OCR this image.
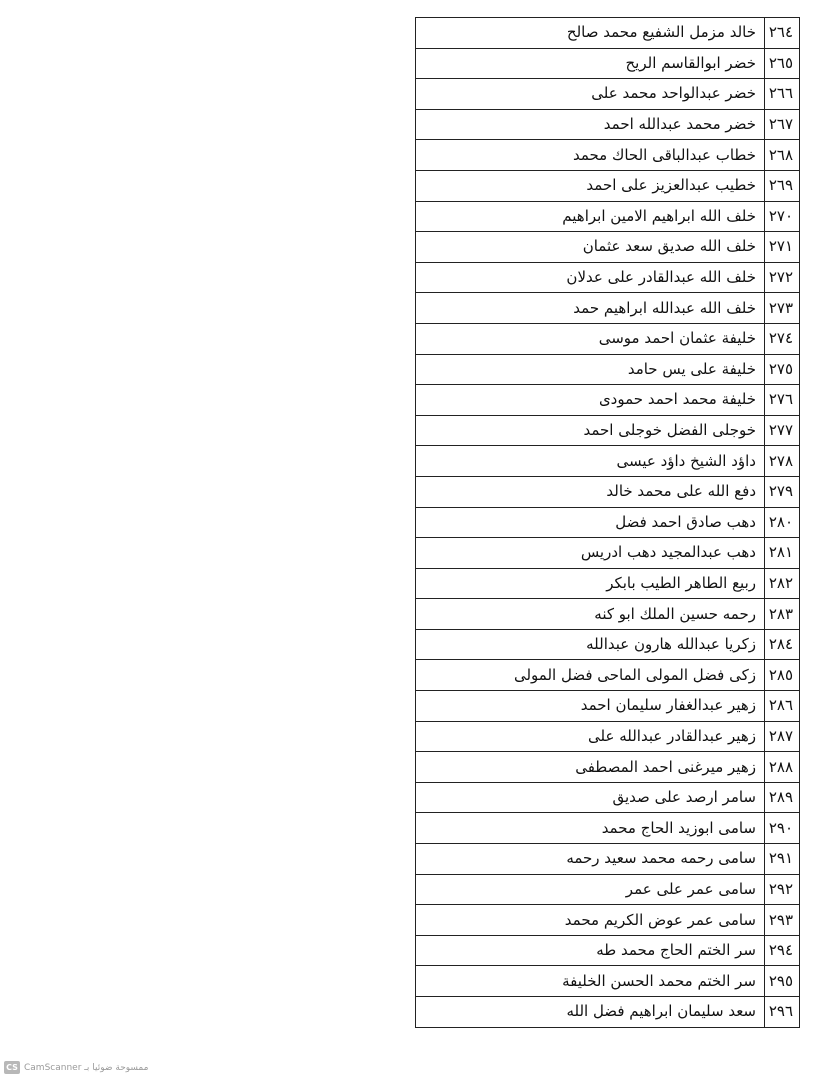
٢٦٤	خالد مزمل الشفيع محمد صالح
٢٦٥	خضر ابوالقاسم الريح
٢٦٦	خضر عبدالواحد محمد على
٢٦٧	خضر محمد عبدالله احمد
٢٦٨	خطاب عبدالباقى الحاك محمد
٢٦٩	خطيب عبدالعزيز على احمد
٢٧٠	خلف الله ابراهيم الامين ابراهيم
٢٧١	خلف الله صديق سعد عثمان
٢٧٢	خلف الله عبدالقادر على عدلان
٢٧٣	خلف الله عبدالله ابراهيم حمد
٢٧٤	خليفة عثمان احمد موسى
٢٧٥	خليفة على يس حامد
٢٧٦	خليفة محمد احمد حمودى
٢٧٧	خوجلى الفضل خوجلى احمد
٢٧٨	داؤد الشيخ داؤد عيسى
٢٧٩	دفع الله على محمد خالد
٢٨٠	دهب صادق احمد فضل
٢٨١	دهب عبدالمجيد دهب ادريس
٢٨٢	ربيع الطاهر الطيب بابكر
٢٨٣	رحمه حسين الملك ابو كنه
٢٨٤	زكريا عبدالله هارون عبدالله
٢٨٥	زكى فضل المولى الماحى فضل المولى
٢٨٦	زهير عبدالغفار سليمان احمد
٢٨٧	زهير عبدالقادر عبدالله على
٢٨٨	زهير ميرغنى احمد المصطفى
٢٨٩	سامر ارصد على صديق
٢٩٠	سامى ابوزيد الحاج محمد
٢٩١	سامى رحمه محمد سعيد رحمه
٢٩٢	سامى عمر على عمر
٢٩٣	سامى عمر عوض الكريم محمد
٢٩٤	سر الختم الحاج محمد طه
٢٩٥	سر الختم محمد الحسن الخليفة
٢٩٦	سعد سليمان ابراهيم فضل الله
CS CamScanner ممسوحة ضوئيا بـ
